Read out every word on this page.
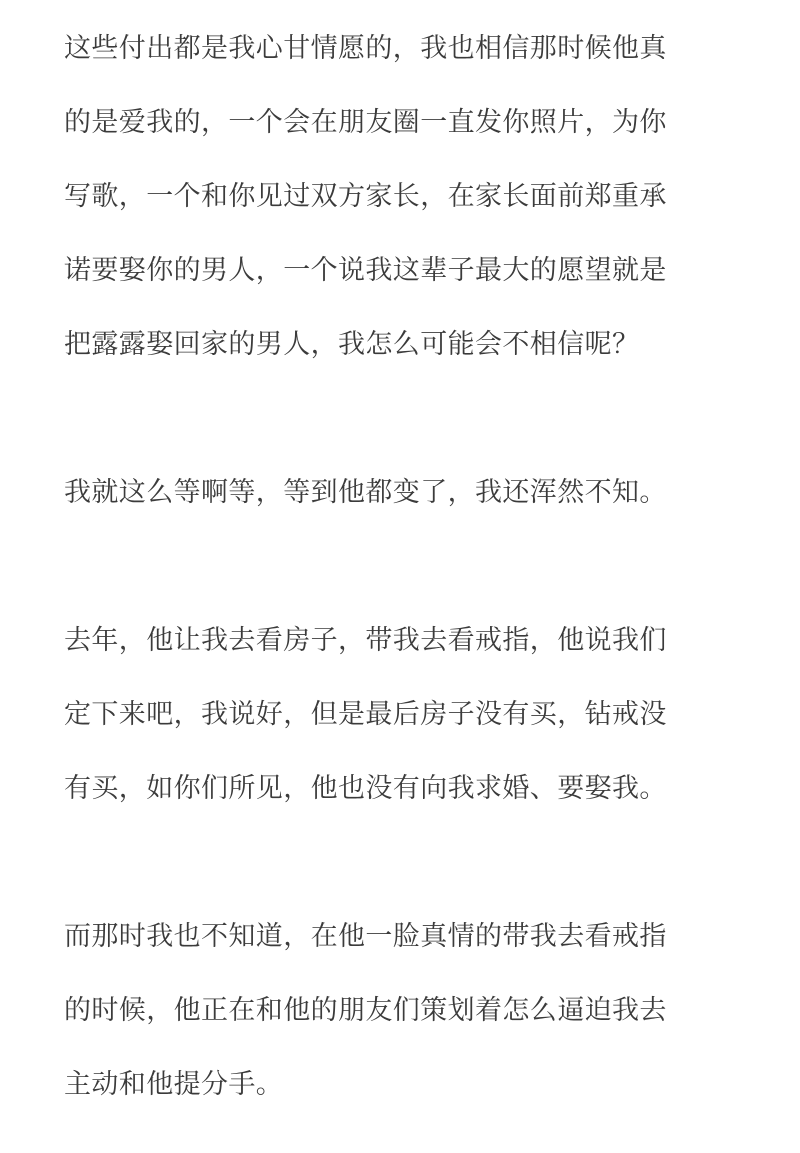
这些付出都是我心甘情愿的，我也相信那时候他真
的是爱我的，一个会在朋友圈一直发你照片，为你
写歌，一个和你见过双方家长，在家长面前郑重承
诺要娶你的男人，一个说我这辈子最大的愿望就是
把露露娶回家的男人，我怎么可能会不相信呢？

我就这么等啊等，等到他都变了，我还浑然不知。

去年，他让我去看房子，带我去看戒指，他说我们
定下来吧，我说好，但是最后房子没有买，钻戒没
有买，如你们所见，他也没有向我求婚、要娶我。

而那时我也不知道，在他一脸真情的带我去看戒指
的时候，他正在和他的朋友们策划着怎么逼迫我去
主动和他提分手。
